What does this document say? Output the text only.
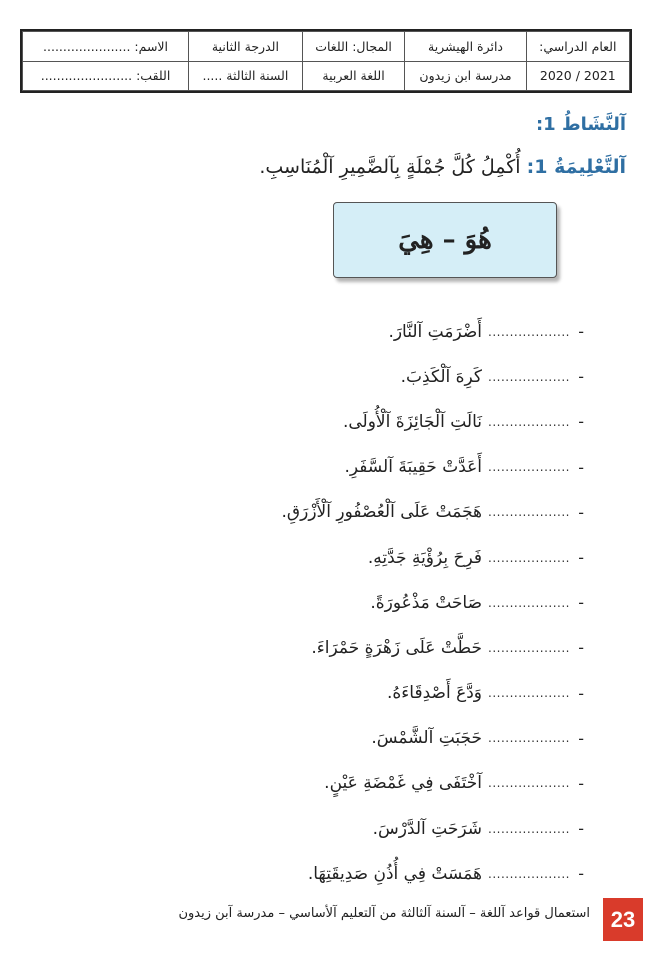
العام الدراسي:	دائرة الهيشرية	المجال: اللغات	الدرجة الثانية	الاسم: ......................
2021 / 2020	مدرسة ابن زيدون	اللغة العربية	السنة الثالثة .....	اللقب: .......................
آلنَّشَاطُ 1:
آلتَّعْلِيمَةُ 1: أُكْمِلُ كُلَّ جُمْلَةٍ بِآلضَّمِيرِ آلْمُنَاسِبِ.
هُوَ – هِيَ
-
...................
أَضْرَمَتِ آلنَّارَ.
-
...................
كَرِهَ آلْكَذِبَ.
-
...................
نَالَتِ آلْجَائِزَةَ آلْأُولَى.
-
...................
أَعَدَّتْ حَقِيبَةَ آلسَّفَرِ.
-
...................
هَجَمَتْ عَلَى آلْعُصْفُورِ آلْأَزْرَقِ.
-
...................
فَرِحَ بِرُؤْيَةِ جَدَّتِهِ.
-
...................
صَاحَتْ مَذْعُورَةً.
-
...................
حَطَّتْ عَلَى زَهْرَةٍ حَمْرَاءَ.
-
...................
وَدَّعَ أَصْدِقَاءَهُ.
-
...................
حَجَبَتِ آلشَّمْسَ.
-
...................
آخْتَفَى فِي غَمْضَةِ عَيْنٍ.
-
...................
شَرَحَتِ آلدَّرْسَ.
-
...................
هَمَسَتْ فِي أُذُنِ صَدِيقَتِهَا.
استعمال قواعد آللغة – آلسنة آلثالثة من آلتعليم آلأساسي – مدرسة آبن زيدون 23
